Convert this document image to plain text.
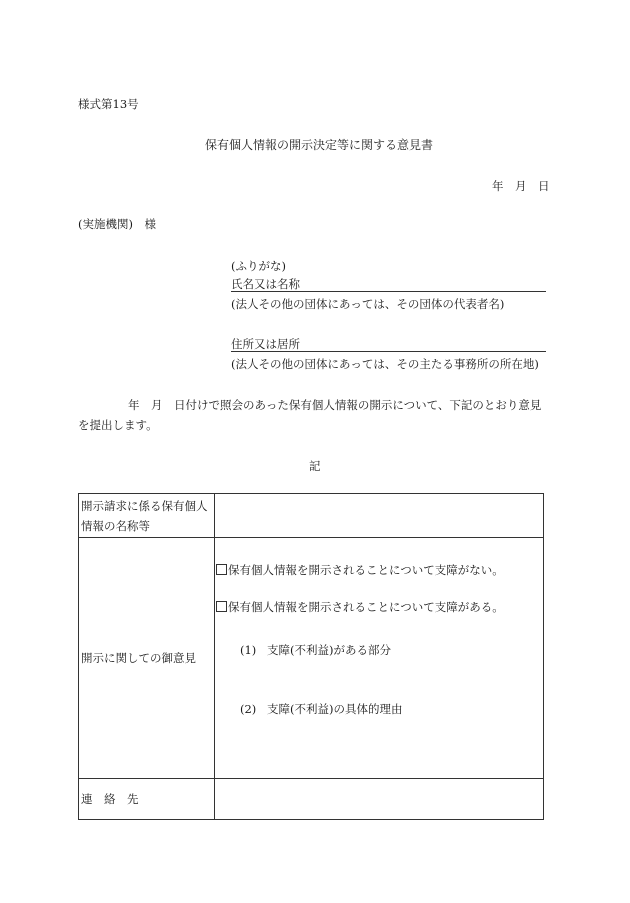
様式第13号
保有個人情報の開示決定等に関する意見書
年　月　日
(実施機関)　様
(ふりがな)
氏名又は名称
(法人その他の団体にあっては、その団体の代表者名)
住所又は居所
(法人その他の団体にあっては、その主たる事務所の所在地)
年　月　日付けで照会のあった保有個人情報の開示について、下記のとおり意見
を提出します。
記
開示請求に係る保有個人
情報の名称等	

開示に関しての御意見	保有個人情報を開示されることについて支障がない。
保有個人情報を開示されることについて支障がある。
(1) 支障(不利益)がある部分
(2) 支障(不利益)の具体的理由

連　絡　先	
